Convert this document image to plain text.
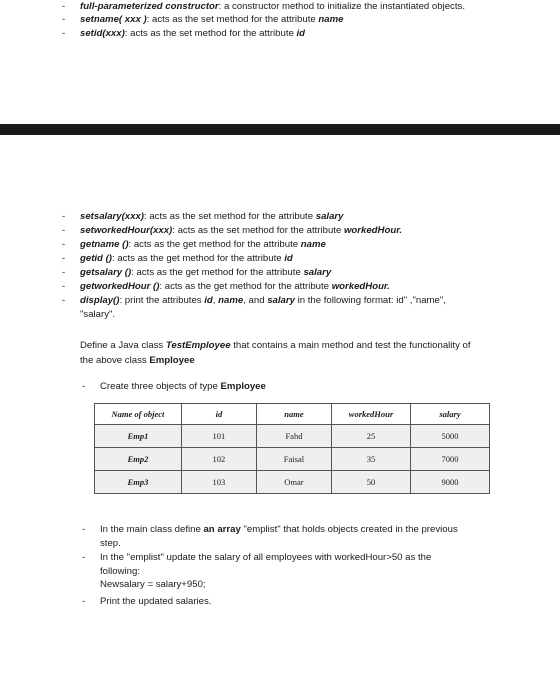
- full-parameterized constructor: a constructor method to initialize the instantiated objects.
- setname( xxx ): acts as the set method for the attribute name
- setid(xxx): acts as the set method for the attribute id
- setsalary(xxx): acts as the set method for the attribute salary
- setworkedHour(xxx): acts as the set method for the attribute workedHour.
- getname (): acts as the get method for the attribute name
- getid (): acts as the get method for the attribute id
- getsalary (): acts as the get method for the attribute salary
- getworkedHour (): acts as the get method for the attribute workedHour.
- display(): print the attributes id, name, and salary in the following format: id" ,"name",
"salary".
Define a Java class TestEmployee that contains a main method and test the functionality of
the above class Employee
- Create three objects of type Employee
Name of object	id	name	workedHour	salary
Emp1	101	Fahd	25	5000
Emp2	102	Faisal	35	7000
Emp3	103	Omar	50	9000
- In the main class define an array "emplist" that holds objects created in the previous
step.
- In the "emplist" update the salary of all employees with workedHour>50 as the
following:
Newsalary = salary+950;
- Print the updated salaries.
